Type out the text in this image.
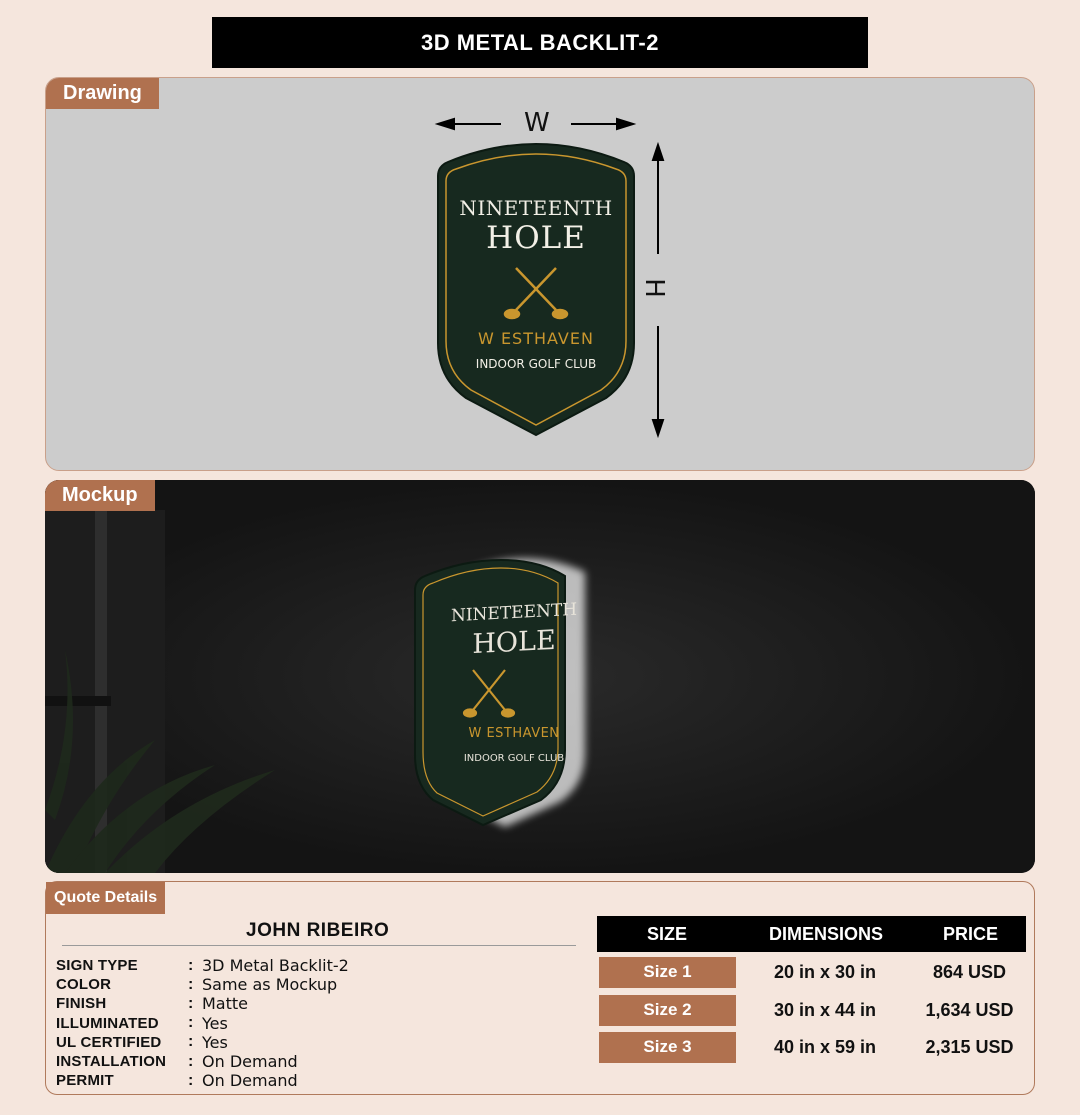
3D METAL BACKLIT-2
Drawing
W
H
NINETEENTH
HOLE
W ESTHAVEN
INDOOR GOLF CLUB
Mockup
NINETEENTH
HOLE
W ESTHAVEN
INDOOR GOLF CLUB
Quote Details
JOHN RIBEIRO
SIGN TYPE	: 3D Metal Backlit-2
COLOR	: Same as Mockup
FINISH	: Matte
ILLUMINATED	: Yes
UL CERTIFIED	: Yes
INSTALLATION	: On Demand
PERMIT	: On Demand
SIZE	DIMENSIONS	PRICE
Size 1	20 in x 30 in	864 USD
Size 2	30 in x 44 in	1,634 USD
Size 3	40 in x 59 in	2,315 USD
